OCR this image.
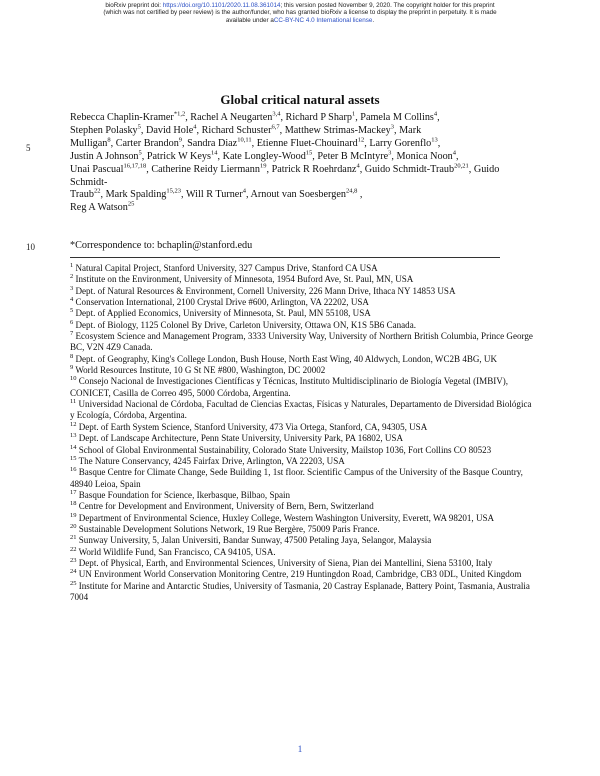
bioRxiv preprint doi: https://doi.org/10.1101/2020.11.08.361014; this version posted November 9, 2020. The copyright holder for this preprint
(which was not certified by peer review) is the author/funder, who has granted bioRxiv a license to display the preprint in perpetuity. It is made
available under aCC-BY-NC 4.0 International license.
Global critical natural assets
5
10
Rebecca Chaplin-Kramer$^{*1,2}$, Rachel A Neugarten$^{3,4}$, Richard P Sharp$^1$, Pamela M Collins$^4$,
Stephen Polasky$^5$, David Hole$^4$, Richard Schuster$^{6,7}$, Matthew Strimas-Mackey$^3$, Mark
Mulligan$^8$, Carter Brandon$^9$, Sandra Diaz$^{10,11}$, Etienne Fluet-Chouinard$^{12}$, Larry Gorenflo$^{13}$,
Justin A Johnson$^5$, Patrick W Keys$^{14}$, Kate Longley-Wood$^{15}$, Peter B McIntyre$^3$, Monica Noon$^4$,
Unai Pascual$^{16,17,18}$, Catherine Reidy Liermann$^{19}$, Patrick R Roehrdanz$^4$, Guido Schmidt-Traub$^{20,21}$, Guido Schmidt-
Traub$^{22}$, Mark Spalding$^{15,23}$, Will R Turner$^4$, Arnout van Soesbergen$^{24,8}$ ,
Reg A Watson$^{25}$
*Correspondence to: bchaplin@stanford.edu
$^1$ Natural Capital Project, Stanford University, 327 Campus Drive, Stanford CA USA
$^2$ Institute on the Environment, University of Minnesota, 1954 Buford Ave, St. Paul, MN, USA
$^3$ Dept. of Natural Resources & Environment, Cornell University, 226 Mann Drive, Ithaca NY 14853 USA
$^4$ Conservation International, 2100 Crystal Drive #600, Arlington, VA 22202, USA
$^5$ Dept. of Applied Economics, University of Minnesota, St. Paul, MN 55108, USA
$^6$ Dept. of Biology, 1125 Colonel By Drive, Carleton University, Ottawa ON, K1S 5B6 Canada.
$^7$ Ecosystem Science and Management Program, 3333 University Way, University of Northern British Columbia, Prince George BC, V2N 4Z9 Canada.
$^8$ Dept. of Geography, King's College London, Bush House, North East Wing, 40 Aldwych, London, WC2B 4BG, UK
$^9$ World Resources Institute, 10 G St NE #800, Washington, DC 20002
$^{10}$ Consejo Nacional de Investigaciones Científicas y Técnicas, Instituto Multidisciplinario de Biología Vegetal (IMBIV), CONICET, Casilla de Correo 495, 5000 Córdoba, Argentina.
$^{11}$ Universidad Nacional de Córdoba, Facultad de Ciencias Exactas, Físicas y Naturales, Departamento de Diversidad Biológica y Ecología, Córdoba, Argentina.
$^{12}$ Dept. of Earth System Science, Stanford University, 473 Via Ortega, Stanford, CA, 94305, USA
$^{13}$ Dept. of Landscape Architecture, Penn State University, University Park, PA 16802, USA
$^{14}$ School of Global Environmental Sustainability, Colorado State University, Mailstop 1036, Fort Collins CO 80523
$^{15}$ The Nature Conservancy, 4245 Fairfax Drive, Arlington, VA 22203, USA
$^{16}$ Basque Centre for Climate Change, Sede Building 1, 1st floor. Scientific Campus of the University of the Basque Country, 48940 Leioa, Spain
$^{17}$ Basque Foundation for Science, Ikerbasque, Bilbao, Spain
$^{18}$ Centre for Development and Environment, University of Bern, Bern, Switzerland
$^{19}$ Department of Environmental Science, Huxley College, Western Washington University, Everett, WA 98201, USA
$^{20}$ Sustainable Development Solutions Network, 19 Rue Bergère, 75009 Paris France.
$^{21}$ Sunway University, 5, Jalan Universiti, Bandar Sunway, 47500 Petaling Jaya, Selangor, Malaysia
$^{22}$ World Wildlife Fund, San Francisco, CA 94105, USA.
$^{23}$ Dept. of Physical, Earth, and Environmental Sciences, University of Siena, Pian dei Mantellini, Siena 53100, Italy
$^{24}$ UN Environment World Conservation Monitoring Centre, 219 Huntingdon Road, Cambridge, CB3 0DL, United Kingdom
$^{25}$ Institute for Marine and Antarctic Studies, University of Tasmania, 20 Castray Esplanade, Battery Point, Tasmania, Australia 7004
1
